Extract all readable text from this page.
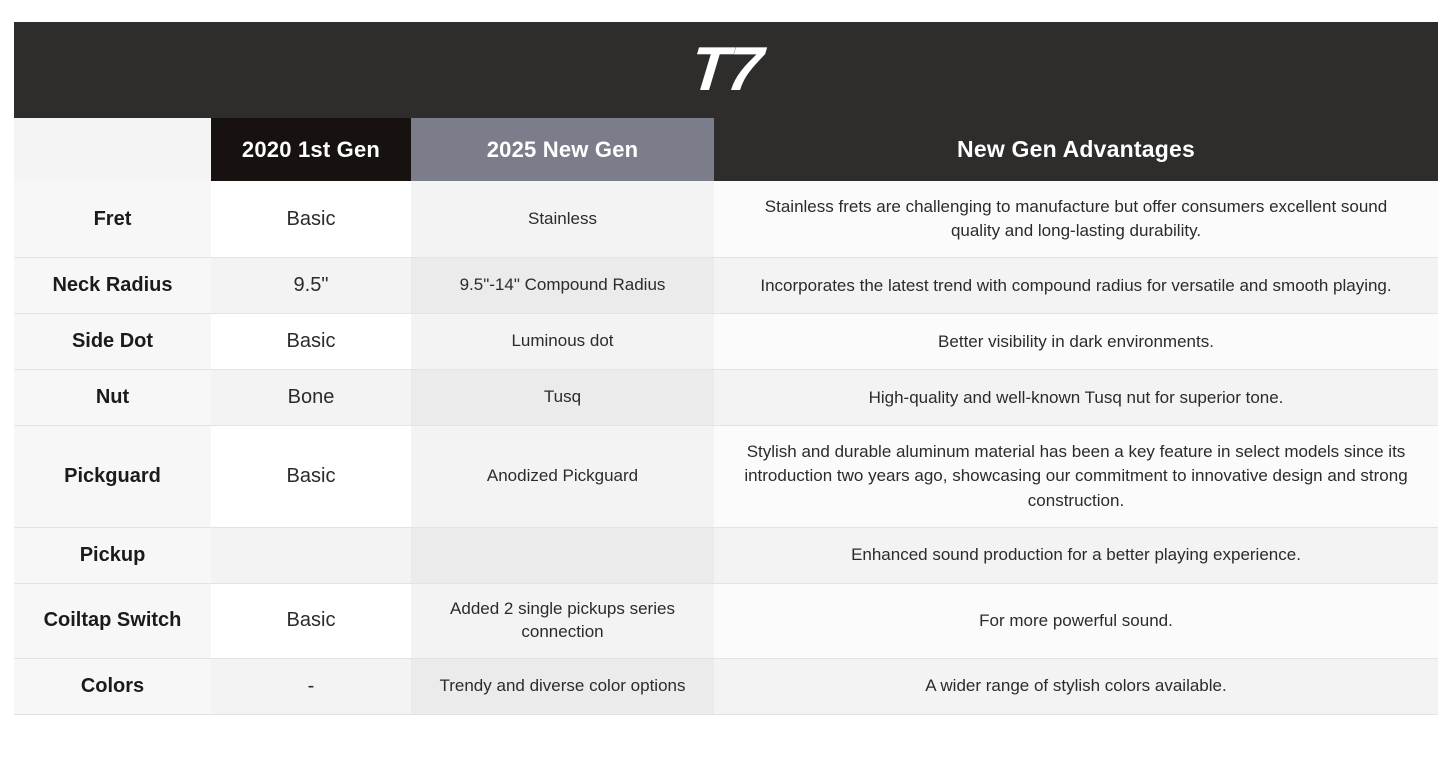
T7
	2020 1st Gen	2025 New Gen	New Gen Advantages
Fret	Basic	Stainless	Stainless frets are challenging to manufacture but offer consumers excellent sound quality and long-lasting durability.
Neck Radius	9.5"	9.5"-14" Compound Radius	Incorporates the latest trend with compound radius for versatile and smooth playing.
Side Dot	Basic	Luminous dot	Better visibility in dark environments.
Nut	Bone	Tusq	High-quality and well-known Tusq nut for superior tone.
Pickguard	Basic	Anodized Pickguard	Stylish and durable aluminum material has been a key feature in select models since its introduction two years ago, showcasing our commitment to innovative design and strong construction.
Pickup			Enhanced sound production for a better playing experience.
Coiltap Switch	Basic	Added 2 single pickups series connection	For more powerful sound.
Colors	-	Trendy and diverse color options	A wider range of stylish colors available.
